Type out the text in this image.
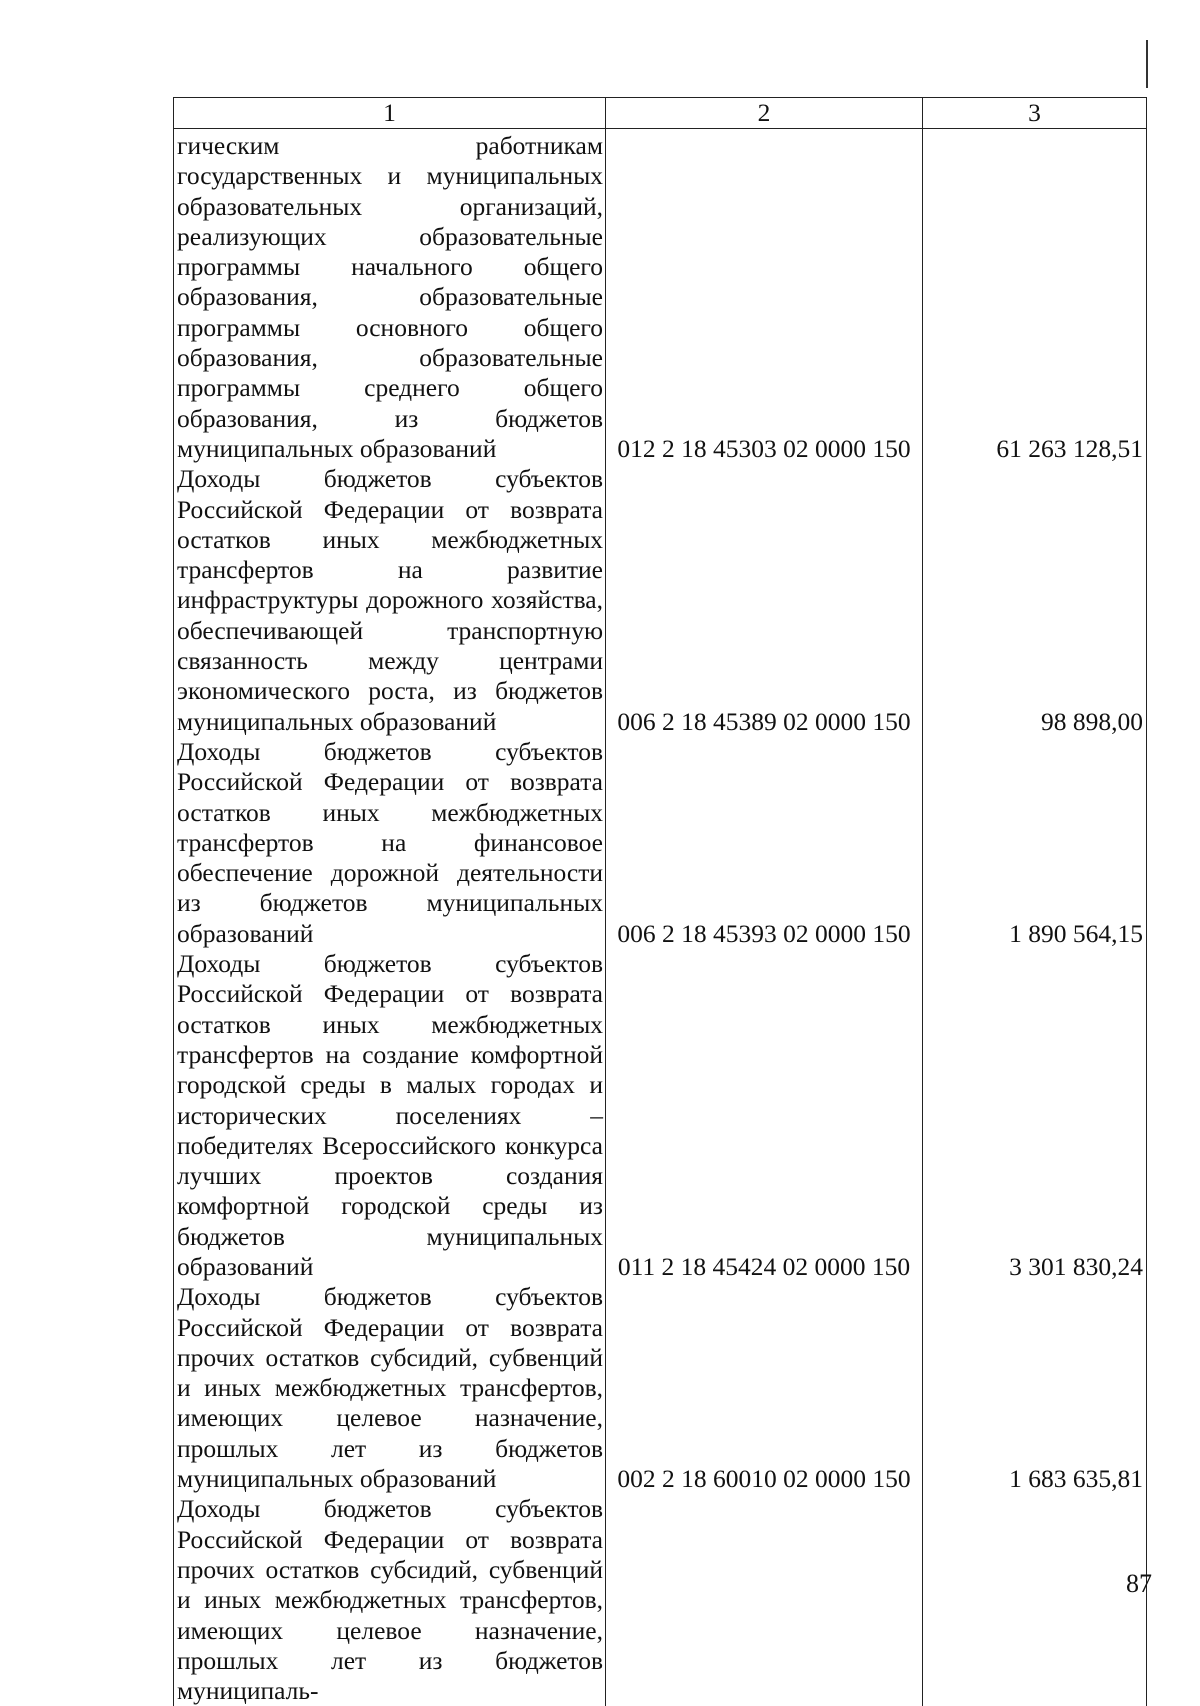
1	2	3
гическим работникам государственных и муниципальных образовательных организаций, реализующих образовательные программы начального общего образования, образовательные программы основного общего образования, образовательные программы среднего общего образования, из бюджетов муниципальных образований	012 2 18 45303 02 0000 150	61 263 128,51
Доходы бюджетов субъектов Российской Федерации от возврата остатков иных межбюджетных трансфертов на развитие инфраструктуры дорожного хозяйства, обеспечивающей транспортную связанность между центрами экономического роста, из бюджетов муниципальных образований	006 2 18 45389 02 0000 150	98 898,00
Доходы бюджетов субъектов Российской Федерации от возврата остатков иных межбюджетных трансфертов на финансовое обеспечение дорожной деятельности из бюджетов муниципальных образований	006 2 18 45393 02 0000 150	1 890 564,15
Доходы бюджетов субъектов Российской Федерации от возврата остатков иных межбюджетных трансфертов на создание комфортной городской среды в малых городах и исторических поселениях – победителях Всероссийского конкурса лучших проектов создания комфортной городской среды из бюджетов муниципальных образований	011 2 18 45424 02 0000 150	3 301 830,24
Доходы бюджетов субъектов Российской Федерации от возврата прочих остатков субсидий, субвенций и иных межбюджетных трансфертов, имеющих целевое назначение, прошлых лет из бюджетов муниципальных образований	002 2 18 60010 02 0000 150	1 683 635,81
Доходы бюджетов субъектов Российской Федерации от возврата прочих остатков субсидий, субвенций и иных межбюджетных трансфертов, имеющих целевое назначение, прошлых лет из бюджетов муниципаль-		
87
